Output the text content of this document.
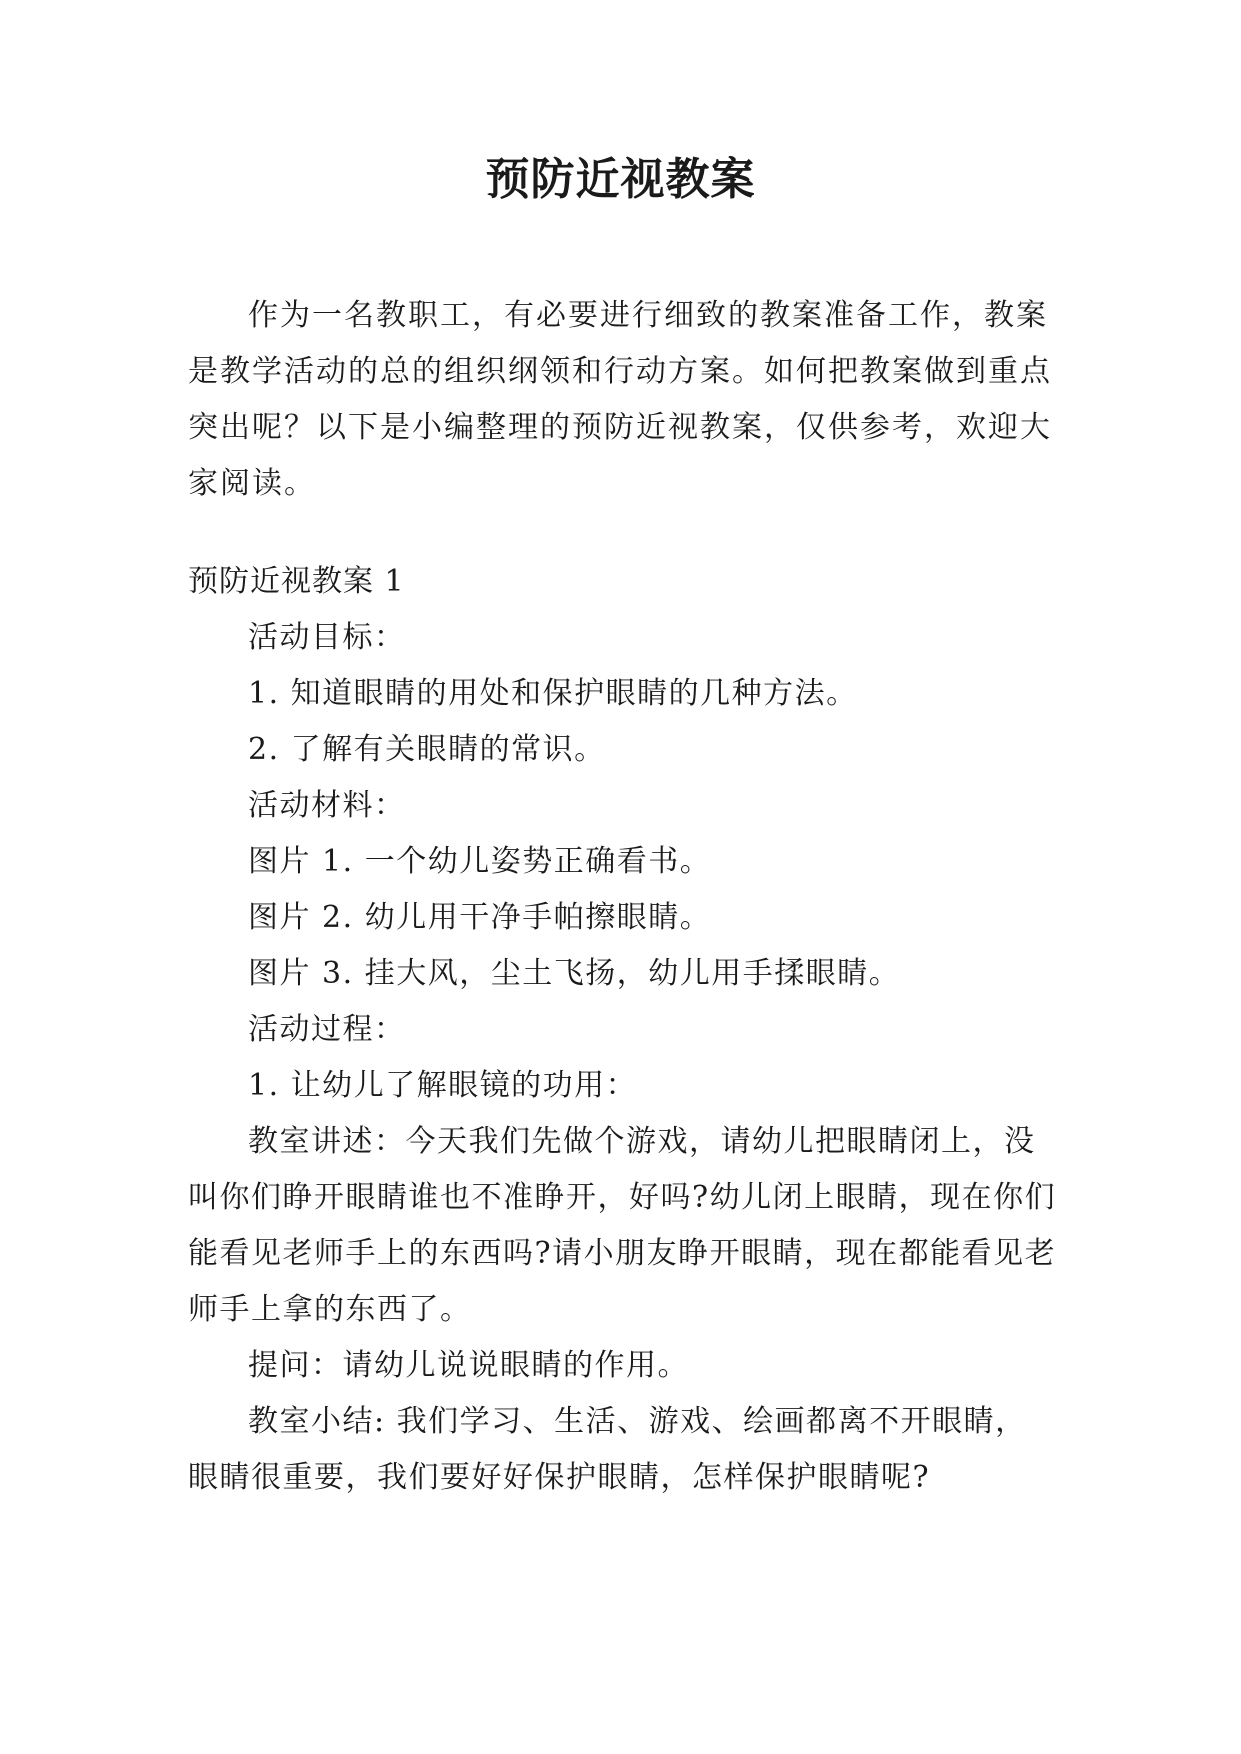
预防近视教案

作为一名教职工，有必要进行细致的教案准备工作，教案是教学活动的总的组织纲领和行动方案。如何把教案做到重点突出呢？以下是小编整理的预防近视教案，仅供参考，欢迎大家阅读。

预防近视教案 1

活动目标：

1. 知道眼睛的用处和保护眼睛的几种方法。

2. 了解有关眼睛的常识。

活动材料：

图片 1. 一个幼儿姿势正确看书。

图片 2. 幼儿用干净手帕擦眼睛。

图片 3. 挂大风，尘土飞扬，幼儿用手揉眼睛。

活动过程：

1. 让幼儿了解眼镜的功用：

教室讲述：今天我们先做个游戏，请幼儿把眼睛闭上，没叫你们睁开眼睛谁也不准睁开，好吗?幼儿闭上眼睛，现在你们能看见老师手上的东西吗?请小朋友睁开眼睛，现在都能看见老师手上拿的东西了。

提问：请幼儿说说眼睛的作用。

教室小结: 我们学习、生活、游戏、绘画都离不开眼睛，眼睛很重要，我们要好好保护眼睛，怎样保护眼睛呢?
